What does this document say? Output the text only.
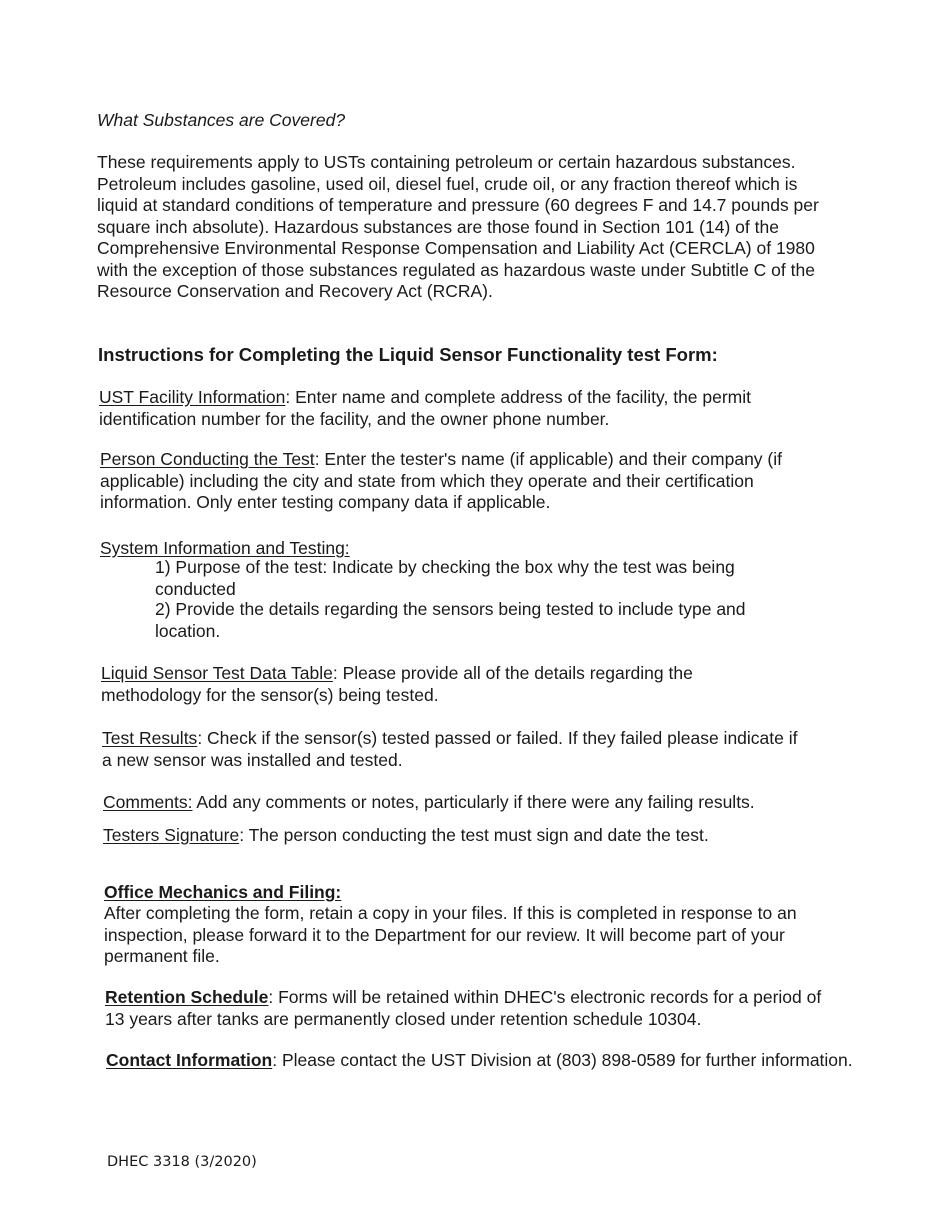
What Substances are Covered?

These requirements apply to USTs containing petroleum or certain hazardous substances. Petroleum includes gasoline, used oil, diesel fuel, crude oil, or any fraction thereof which is liquid at standard conditions of temperature and pressure (60 degrees F and 14.7 pounds per square inch absolute). Hazardous substances are those found in Section 101 (14) of the Comprehensive Environmental Response Compensation and Liability Act (CERCLA) of 1980 with the exception of those substances regulated as hazardous waste under Subtitle C of the Resource Conservation and Recovery Act (RCRA).

Instructions for Completing the Liquid Sensor Functionality test Form:

UST Facility Information: Enter name and complete address of the facility, the permit identification number for the facility, and the owner phone number.

Person Conducting the Test: Enter the tester's name (if applicable) and their company (if applicable) including the city and state from which they operate and their certification information. Only enter testing company data if applicable.

System Information and Testing:

1) Purpose of the test: Indicate by checking the box why the test was being conducted

2) Provide the details regarding the sensors being tested to include type and location.

Liquid Sensor Test Data Table: Please provide all of the details regarding the methodology for the sensor(s) being tested.

Test Results: Check if the sensor(s) tested passed or failed. If they failed please indicate if a new sensor was installed and tested.

Comments: Add any comments or notes, particularly if there were any failing results.

Testers Signature: The person conducting the test must sign and date the test.

Office Mechanics and Filing:

After completing the form, retain a copy in your files. If this is completed in response to an inspection, please forward it to the Department for our review. It will become part of your permanent file.

Retention Schedule: Forms will be retained within DHEC's electronic records for a period of 13 years after tanks are permanently closed under retention schedule 10304.

Contact Information: Please contact the UST Division at (803) 898-0589 for further information.

DHEC 3318 (3/2020)
